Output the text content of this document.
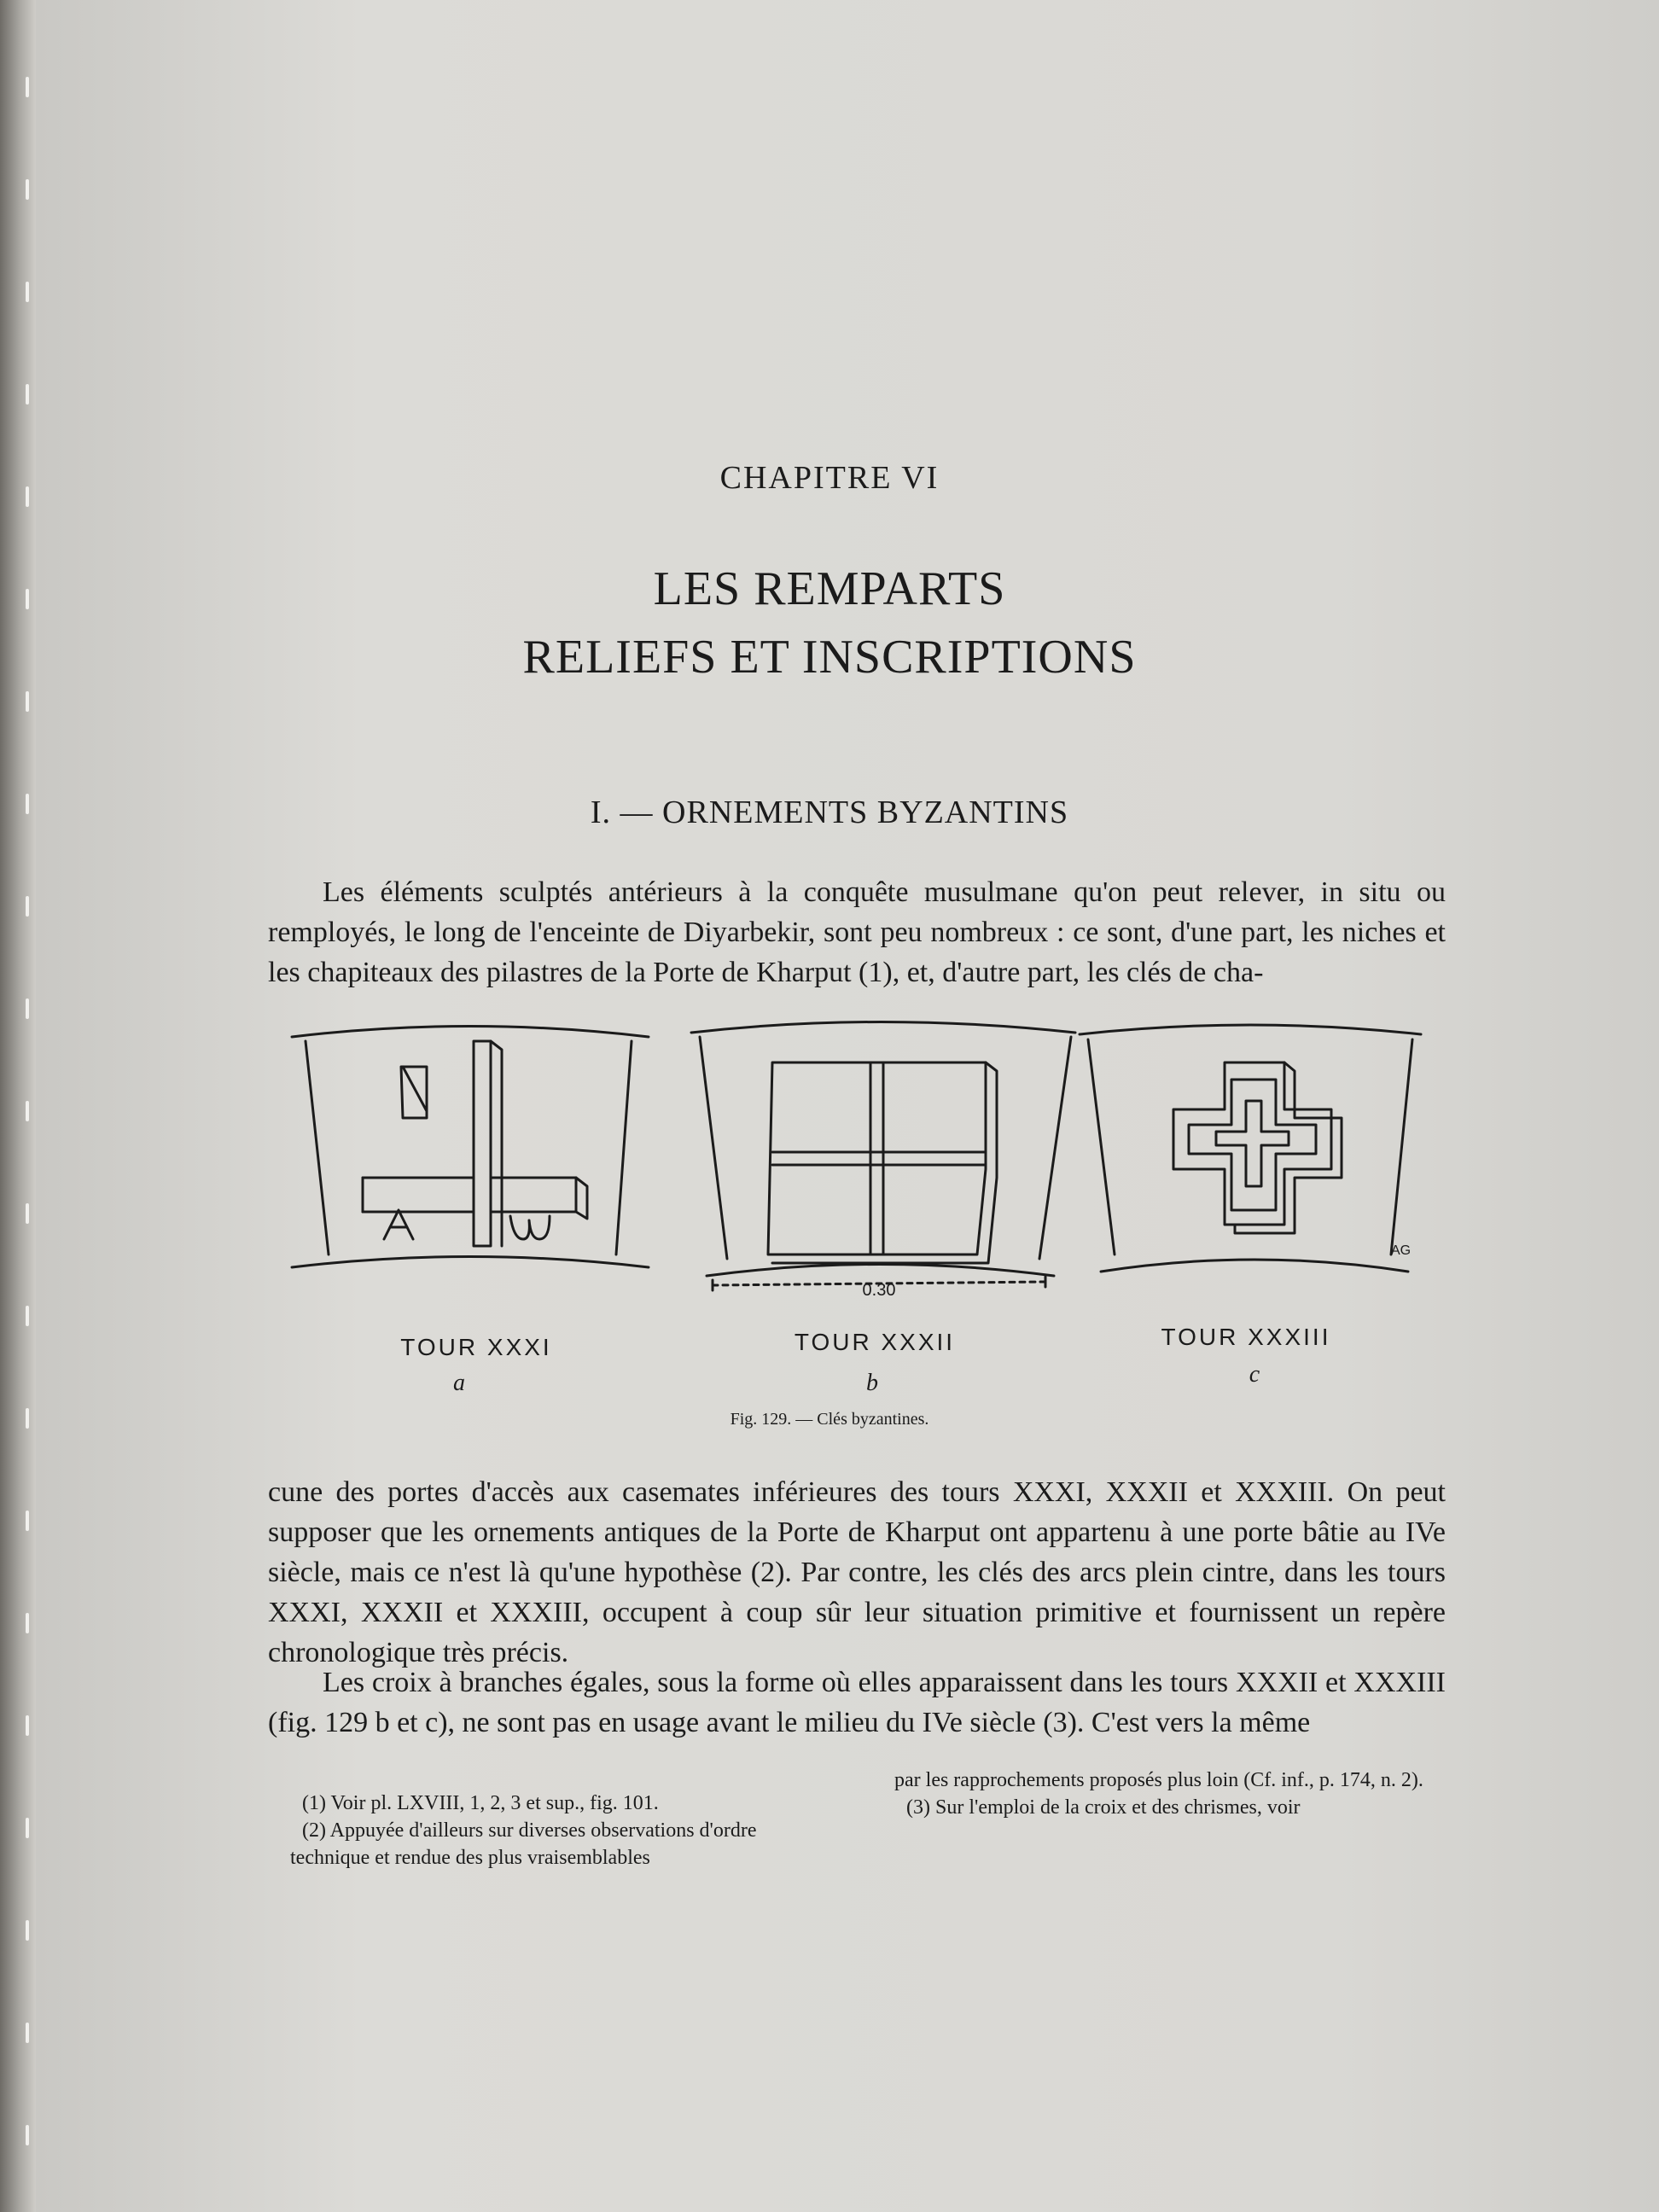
CHAPITRE VI
LES REMPARTS
RELIEFS ET INSCRIPTIONS
I. — ORNEMENTS BYZANTINS
Les éléments sculptés antérieurs à la conquête musulmane qu'on peut relever, in situ ou remployés, le long de l'enceinte de Diyarbekir, sont peu nombreux : ce sont, d'une part, les niches et les chapiteaux des pilastres de la Porte de Kharput (1), et, d'autre part, les clés de cha-
0.30
AG
TOUR XXXI	TOUR XXXII	TOUR XXXIII
a	b	c
Fig. 129. — Clés byzantines.
cune des portes d'accès aux casemates inférieures des tours XXXI, XXXII et XXXIII. On peut supposer que les ornements antiques de la Porte de Kharput ont appartenu à une porte bâtie au IVe siècle, mais ce n'est là qu'une hypothèse (2). Par contre, les clés des arcs plein cintre, dans les tours XXXI, XXXII et XXXIII, occupent à coup sûr leur situation primitive et fournissent un repère chronologique très précis.
Les croix à branches égales, sous la forme où elles apparaissent dans les tours XXXII et XXXIII (fig. 129 b et c), ne sont pas en usage avant le milieu du IVe siècle (3). C'est vers la même
(1) Voir pl. LXVIII, 1, 2, 3 et sup., fig. 101.
(2) Appuyée d'ailleurs sur diverses observations d'ordre technique et rendue des plus vraisemblables
par les rapprochements proposés plus loin (Cf. inf., p. 174, n. 2).
(3) Sur l'emploi de la croix et des chrismes, voir
